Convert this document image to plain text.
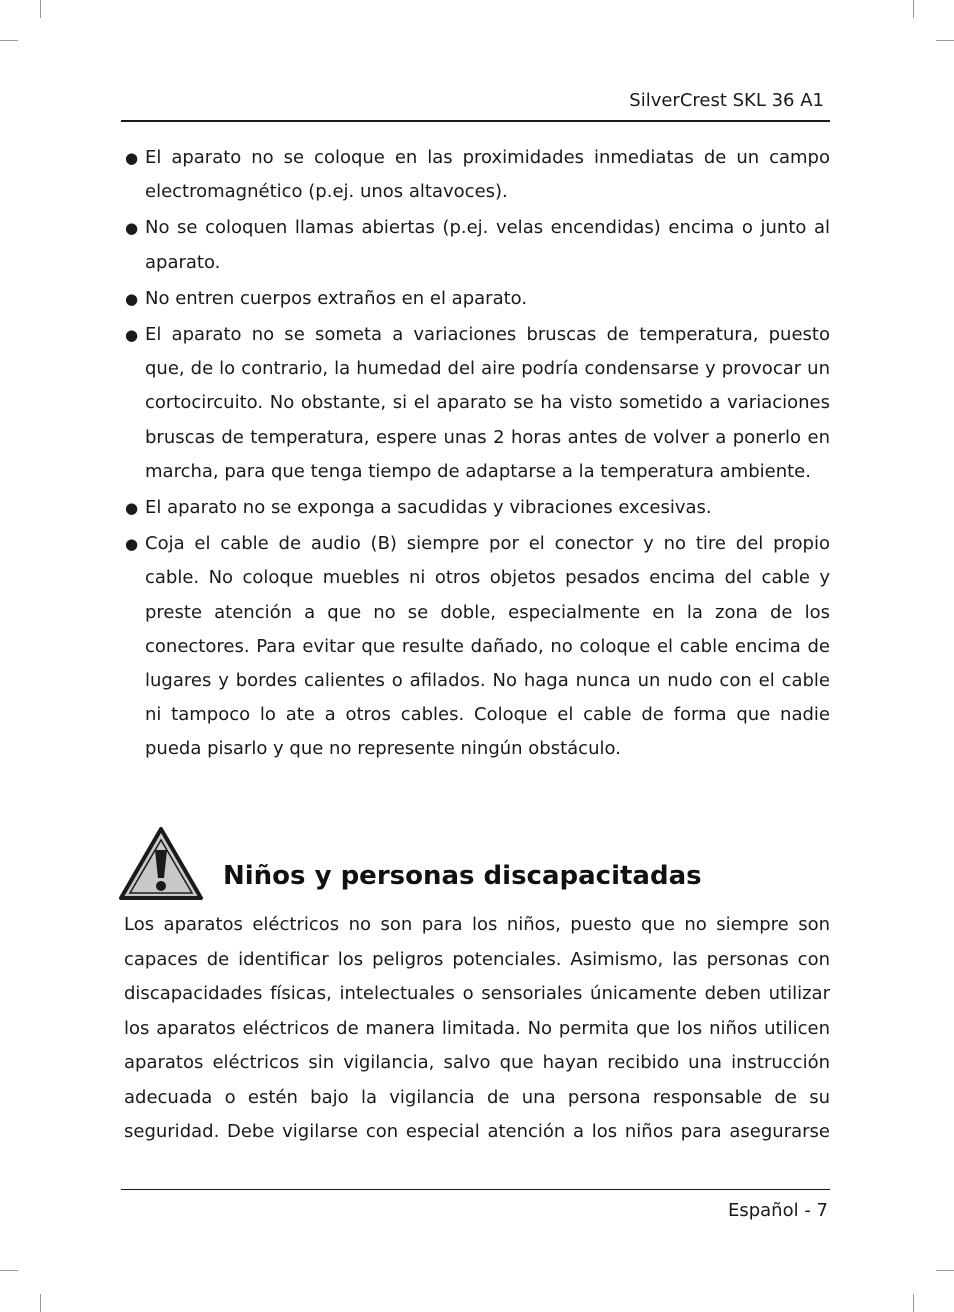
SilverCrest SKL 36 A1
● El aparato no se coloque en las proximidades inmediatas de un campo electromagnético (p.ej. unos altavoces).
● No se coloquen llamas abiertas (p.ej. velas encendidas) encima o junto al aparato.
● No entren cuerpos extraños en el aparato.
● El aparato no se someta a variaciones bruscas de temperatura, puesto que, de lo contrario, la humedad del aire podría condensarse y provocar un cortocircuito. No obstante, si el aparato se ha visto sometido a variaciones bruscas de temperatura, espere unas 2 horas antes de volver a ponerlo en marcha, para que tenga tiempo de adaptarse a la temperatura ambiente.
● El aparato no se exponga a sacudidas y vibraciones excesivas.
● Coja el cable de audio (B) siempre por el conector y no tire del propio cable. No coloque muebles ni otros objetos pesados encima del cable y preste atención a que no se doble, especialmente en la zona de los conectores. Para evitar que resulte dañado, no coloque el cable encima de lugares y bordes calientes o afilados. No haga nunca un nudo con el cable ni tampoco lo ate a otros cables. Coloque el cable de forma que nadie pueda pisarlo y que no represente ningún obstáculo.
Niños y personas discapacitadas

Los aparatos eléctricos no son para los niños, puesto que no siempre son capaces de identificar los peligros potenciales. Asimismo, las personas con discapacidades físicas, intelectuales o sensoriales únicamente deben utilizar los aparatos eléctricos de manera limitada. No permita que los niños utilicen aparatos eléctricos sin vigilancia, salvo que hayan recibido una instrucción adecuada o estén bajo la vigilancia de una persona responsable de su seguridad. Debe vigilarse con especial atención a los niños para asegurarse

Español - 7
